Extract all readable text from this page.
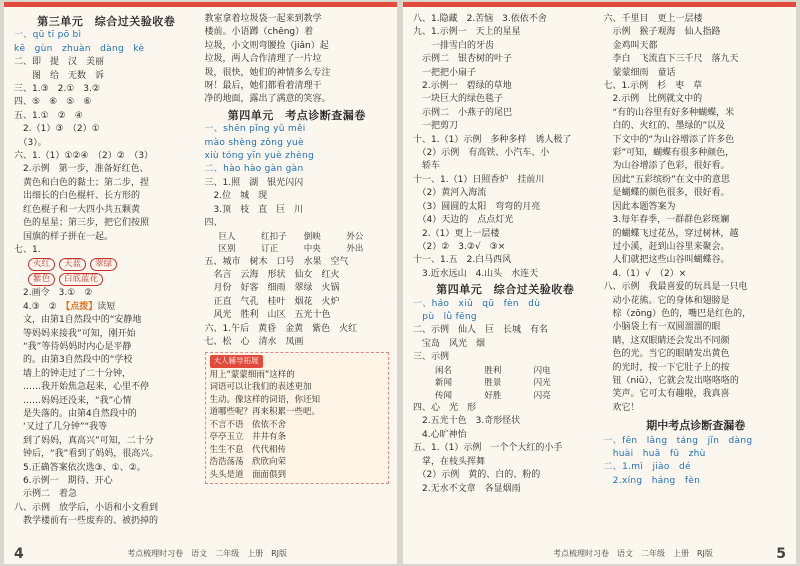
第三单元　综合过关验收卷

一、qū tī pō bì

kē　gùn　zhuàn　dàng　kè

二、即　提　汉　美丽

　　图　给　无数　诉

三、1.③　2.①　3.②

四、⑤　⑥　⑤　⑥

五、1.①　②　④

　2.（1）③　（2）①

　（3）。

六、1.（1）①②④　（2）②　（3）

　2.示例　第一步，准备好红色、

　黄色和白色的黏土；第二步，捏

　出细长的白色棍杆、长方形的

　红色棍子和一大四小共五颗黄

　色的星星；第三步，把它们按照

　国旗的样子拼在一起。

七、1.

火红 天蓝 翠绿

紫色 白底蓝花

　2.画令　3.①　②

　4.③　②　【点拨】读短

　文，由第1自然段中的“安静地

　等妈妈来接我”可知，刚开始

　“我”等待妈妈时内心是平静

　的。由第3自然段中的“学校

　墙上的钟走过了二十分钟，

　……我开始焦急起来，心里不停

　……妈妈还没来，“我”心情

　是失落的。由第4自然段中的

　‘又过了几分钟”“我等

　到了妈妈，真高兴”可知，二十分

　钟后，“我”看到了妈妈，很高兴。

　5.正确答案依次选③、①、②。

　6.示例一　期待、开心

　示例二　着急

八、示例　放学后，小语和小文看到

　教学楼前有一些废弃的、被扔掉的

教室拿着垃圾袋一起来到教学

楼前。小语蹲（chēng）着

垃圾，小文则弯腰捡（jiǎn）起

垃圾，两人合作清理了一片垃

圾，很快，她们的神情多么专注

呀！最后，她们都看着清理干

净的地面，露出了满意的笑容。

第四单元　考点诊断查漏卷

一、shēn pǐng yǔ měi

mào shèng zǒng yuè

xiù tóng yīn yuè zhèng

二、hào hào gàn gàn

三、1.照　湖　银光闪闪

　2.位　城　现

　3.顶　枝　直　巨　川

四、

巨人	红扣子	倒映	外公
区别	订正	中央	外出

五、城市　树木　口号　水果　空气

　名言　云海　形状　仙女　红火

　月份　好客　细雨　翠绿　火锅

　正直　气孔　桂叶　烟花　火炉

　风光　胜利　山区　五光十色

六、1.午后　黄昏　金黄　紫色　火红

七、松　心　清水　凤画

大人辅导拓展

用上“蒙蒙细雨”这样的

词语可以让我们的表述更加

生动。像这样的词语，你还知

道哪些呢？再来积累一些吧。

不言不语　依依不舍

亭亭玉立　井井有条

生生不息　代代相传

浩浩荡荡　欣欣向荣

头头是道　面面俱到

4	考点梳理时习卷　语文　二年级　上册　RJ版

八、1.隐藏　2.苦恼　3.依依不舍

九、1.示例一　天上的星星

　　一排雪白的牙齿

　示例二　银杏树的叶子

　一把把小扇子

　2.示例一　碧绿的草地

　一块巨大的绿色毯子

　示例二　小燕子的尾巴

　一把剪刀

十、1.（1）示例　多种多样　诱人极了

　（2）示例　有高铁、小汽车、小

　轿车

十一、1.（1）日照香炉　挂前川

　（2）黄河入海流

　（3）圆圆的太阳　弯弯的月亮

　（4）天边的　点点灯光

　2.（1）更上一层楼

　（2）②　3.②√　③×

十一、1.五　2.白马西风

　3.近水远山　4.山头　水连天

第四单元　综合过关验收卷

一、háo　xiū　qū　fèn　dù

　pù　lǜ fēng

二、示例　仙人　巨　长城　有名

　宝岛　风光　烟

三、示例

闲名	胜利	闪电
新闻	胜景	闪光
传闻	好胜	闪亮

四、心　光　形

　2.五光十色　3.奇形怪状

　4.心旷神怡

五、1.（1）示例　一个个大红的小手

　掌，在枝头挥舞

　（2）示例　黄的、白的、粉的

　2.无水不文章　各显烟雨

六、千里目　更上一层楼

　示例　猴子观海　仙人指路

　金鸡叫天都

　李白　飞流直下三千尺　落九天

　蒙蒙细雨　童话

七、1.示例　杉　枣　草

　2.示例　比例就文中的

　“有的山谷里有好多种蝴蝶，米

　白的、火红的、墨绿的”以及

　下文中的“为山谷增添了许多色

　彩”可知，蝴蝶有很多种颜色，

　为山谷增添了色彩，很好看。

　因此“五彩缤纷”在文中的意思

　是蝴蝶的颜色很多，很好看。

　因此本题答案为

　3.每年春季，一群群色彩斑斓

　的蝴蝶飞过花丛，穿过树林，越

　过小溪，赶到山谷里来聚会。

　人们就把这些山谷叫蝴蝶谷。

　4.（1）√　（2）×

八、示例　我最喜爱的玩具是一只电

　动小花熊。它的身体和翅膀是

　棕（zōng）色的，嘴巴是红色的，

　小脑袋上有一双圆溜溜的眼

　睛，这双眼睛还会发出不同颜

　色的光。当它的眼睛发出黄色

　的光时，按一下它肚子上的按

　钮（niǔ），它就会发出咯咯咯的

　笑声。它可太有趣啦，我真喜

　欢它！

期中考点诊断查漏卷

一、fēn　lǎng　táng　jǐn　dàng

　huài　huā　fū　zhù

二、1.mì　jiào　dé

　2.xíng　háng　fèn

考点梳理时习卷　语文　二年级　上册　RJ版	5
